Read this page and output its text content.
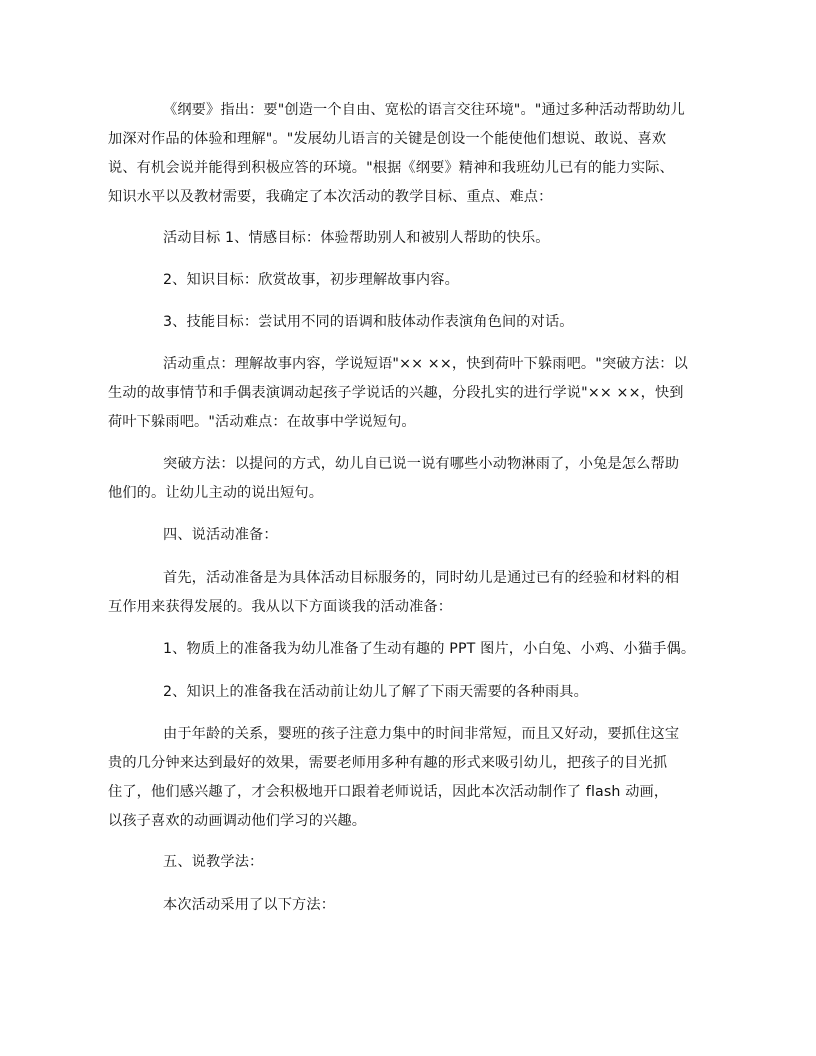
《纲要》指出：要"创造一个自由、宽松的语言交往环境"。"通过多种活动帮助幼儿
加深对作品的体验和理解"。"发展幼儿语言的关键是创设一个能使他们想说、敢说、喜欢
说、有机会说并能得到积极应答的环境。"根据《纲要》精神和我班幼儿已有的能力实际、
知识水平以及教材需要，我确定了本次活动的教学目标、重点、难点：
活动目标 1、情感目标：体验帮助别人和被别人帮助的快乐。
2、知识目标：欣赏故事，初步理解故事内容。
3、技能目标：尝试用不同的语调和肢体动作表演角色间的对话。
活动重点：理解故事内容，学说短语"×× ××，快到荷叶下躲雨吧。"突破方法：以
生动的故事情节和手偶表演调动起孩子学说话的兴趣，分段扎实的进行学说"×× ××，快到
荷叶下躲雨吧。"活动难点：在故事中学说短句。
突破方法：以提问的方式，幼儿自已说一说有哪些小动物淋雨了，小兔是怎么帮助
他们的。让幼儿主动的说出短句。
四、说活动准备：
首先，活动准备是为具体活动目标服务的，同时幼儿是通过已有的经验和材料的相
互作用来获得发展的。我从以下方面谈我的活动准备：
1、物质上的准备我为幼儿准备了生动有趣的 PPT 图片，小白兔、小鸡、小猫手偶。
2、知识上的准备我在活动前让幼儿了解了下雨天需要的各种雨具。
由于年龄的关系，婴班的孩子注意力集中的时间非常短，而且又好动，要抓住这宝
贵的几分钟来达到最好的效果，需要老师用多种有趣的形式来吸引幼儿，把孩子的目光抓
住了，他们感兴趣了，才会积极地开口跟着老师说话，因此本次活动制作了 flash 动画，
以孩子喜欢的动画调动他们学习的兴趣。
五、说教学法：
本次活动采用了以下方法：
